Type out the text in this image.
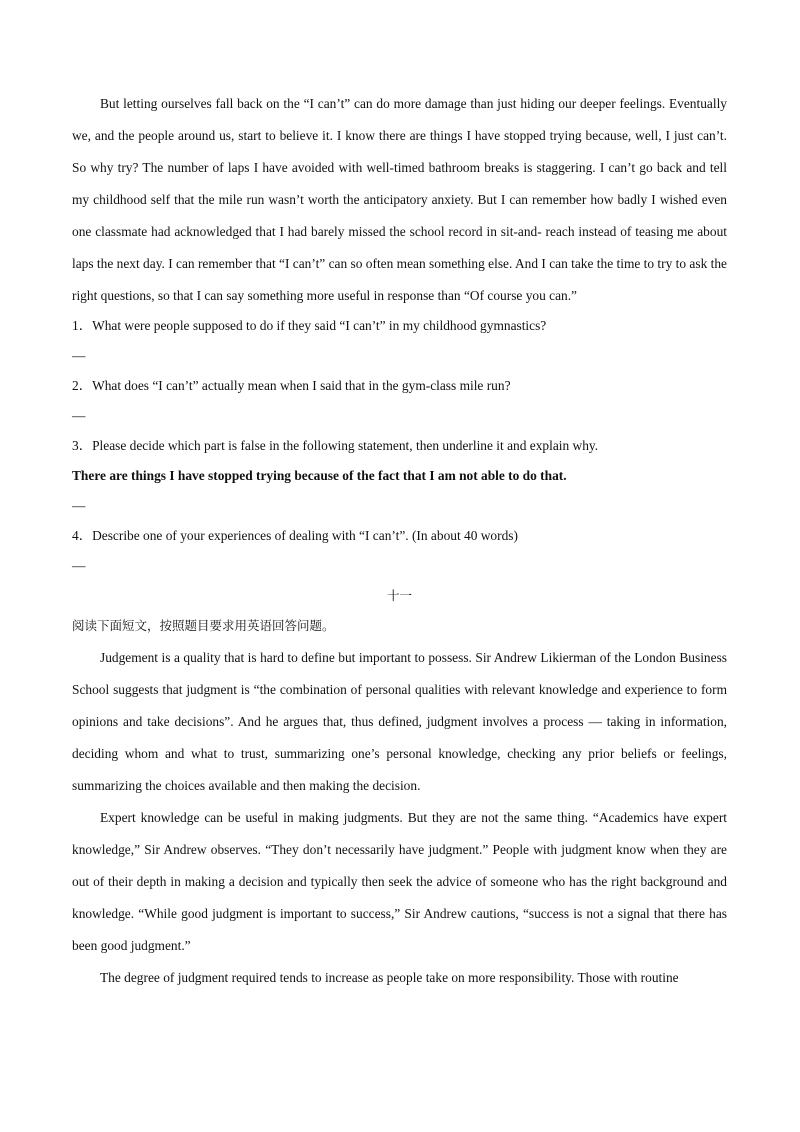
But letting ourselves fall back on the “I can’t” can do more damage than just hiding our deeper feelings. Eventually we, and the people around us, start to believe it. I know there are things I have stopped trying because, well, I just can’t. So why try? The number of laps I have avoided with well-timed bathroom breaks is staggering. I can’t go back and tell my childhood self that the mile run wasn’t worth the anticipatory anxiety. But I can remember how badly I wished even one classmate had acknowledged that I had barely missed the school record in sit-and- reach instead of teasing me about laps the next day. I can remember that “I can’t” can so often mean something else. And I can take the time to try to ask the right questions, so that I can say something more useful in response than “Of course you can.”

1．What were people supposed to do if they said “I can’t” in my childhood gymnastics?

—

2．What does “I can’t” actually mean when I said that in the gym-class mile run?

—

3．Please decide which part is false in the following statement, then underline it and explain why.

There are things I have stopped trying because of the fact that I am not able to do that.

—

4．Describe one of your experiences of dealing with “I can’t”. (In about 40 words)

—

十一

阅读下面短文，按照题目要求用英语回答问题。

Judgement is a quality that is hard to define but important to possess. Sir Andrew Likierman of the London Business School suggests that judgment is “the combination of personal qualities with relevant knowledge and experience to form opinions and take decisions”. And he argues that, thus defined, judgment involves a process — taking in information, deciding whom and what to trust, summarizing one’s personal knowledge, checking any prior beliefs or feelings, summarizing the choices available and then making the decision.

Expert knowledge can be useful in making judgments. But they are not the same thing. “Academics have expert knowledge,” Sir Andrew observes. “They don’t necessarily have judgment.” People with judgment know when they are out of their depth in making a decision and typically then seek the advice of someone who has the right background and knowledge. “While good judgment is important to success,” Sir Andrew cautions, “success is not a signal that there has been good judgment.”

The degree of judgment required tends to increase as people take on more responsibility. Those with routine
